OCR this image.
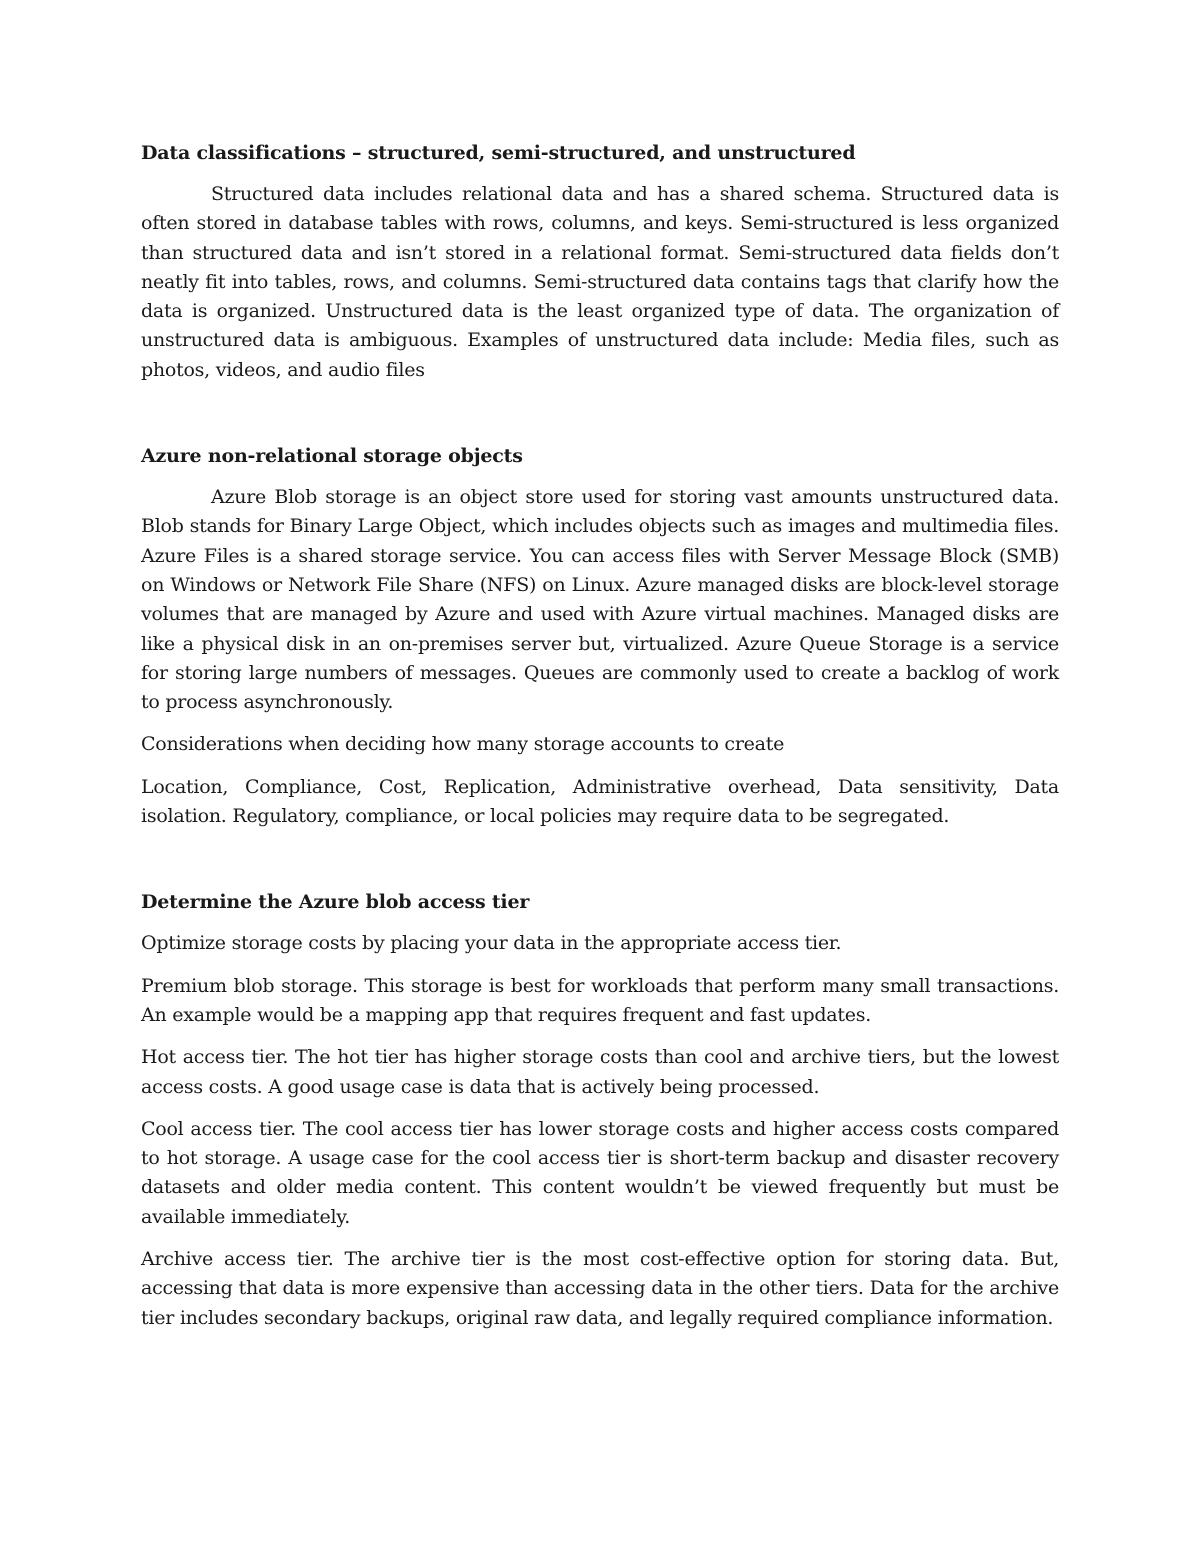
Data classifications – structured, semi-structured, and unstructured

Structured data includes relational data and has a shared schema. Structured data is often stored in database tables with rows, columns, and keys. Semi-structured is less organized than structured data and isn’t stored in a relational format. Semi-structured data fields don’t neatly fit into tables, rows, and columns. Semi-structured data contains tags that clarify how the data is organized. Unstructured data is the least organized type of data. The organization of unstructured data is ambiguous. Examples of unstructured data include: Media files, such as photos, videos, and audio files

Azure non-relational storage objects

Azure Blob storage is an object store used for storing vast amounts unstructured data. Blob stands for Binary Large Object, which includes objects such as images and multimedia files. Azure Files is a shared storage service. You can access files with Server Message Block (SMB) on Windows or Network File Share (NFS) on Linux. Azure managed disks are block-level storage volumes that are managed by Azure and used with Azure virtual machines. Managed disks are like a physical disk in an on-premises server but, virtualized. Azure Queue Storage is a service for storing large numbers of messages. Queues are commonly used to create a backlog of work to process asynchronously.

Considerations when deciding how many storage accounts to create

Location, Compliance, Cost, Replication, Administrative overhead, Data sensitivity, Data isolation. Regulatory, compliance, or local policies may require data to be segregated.

Determine the Azure blob access tier

Optimize storage costs by placing your data in the appropriate access tier.

Premium blob storage. This storage is best for workloads that perform many small transactions. An example would be a mapping app that requires frequent and fast updates.

Hot access tier. The hot tier has higher storage costs than cool and archive tiers, but the lowest access costs. A good usage case is data that is actively being processed.

Cool access tier. The cool access tier has lower storage costs and higher access costs compared to hot storage. A usage case for the cool access tier is short-term backup and disaster recovery datasets and older media content. This content wouldn’t be viewed frequently but must be available immediately.

Archive access tier. The archive tier is the most cost-effective option for storing data. But, accessing that data is more expensive than accessing data in the other tiers. Data for the archive tier includes secondary backups, original raw data, and legally required compliance information.
